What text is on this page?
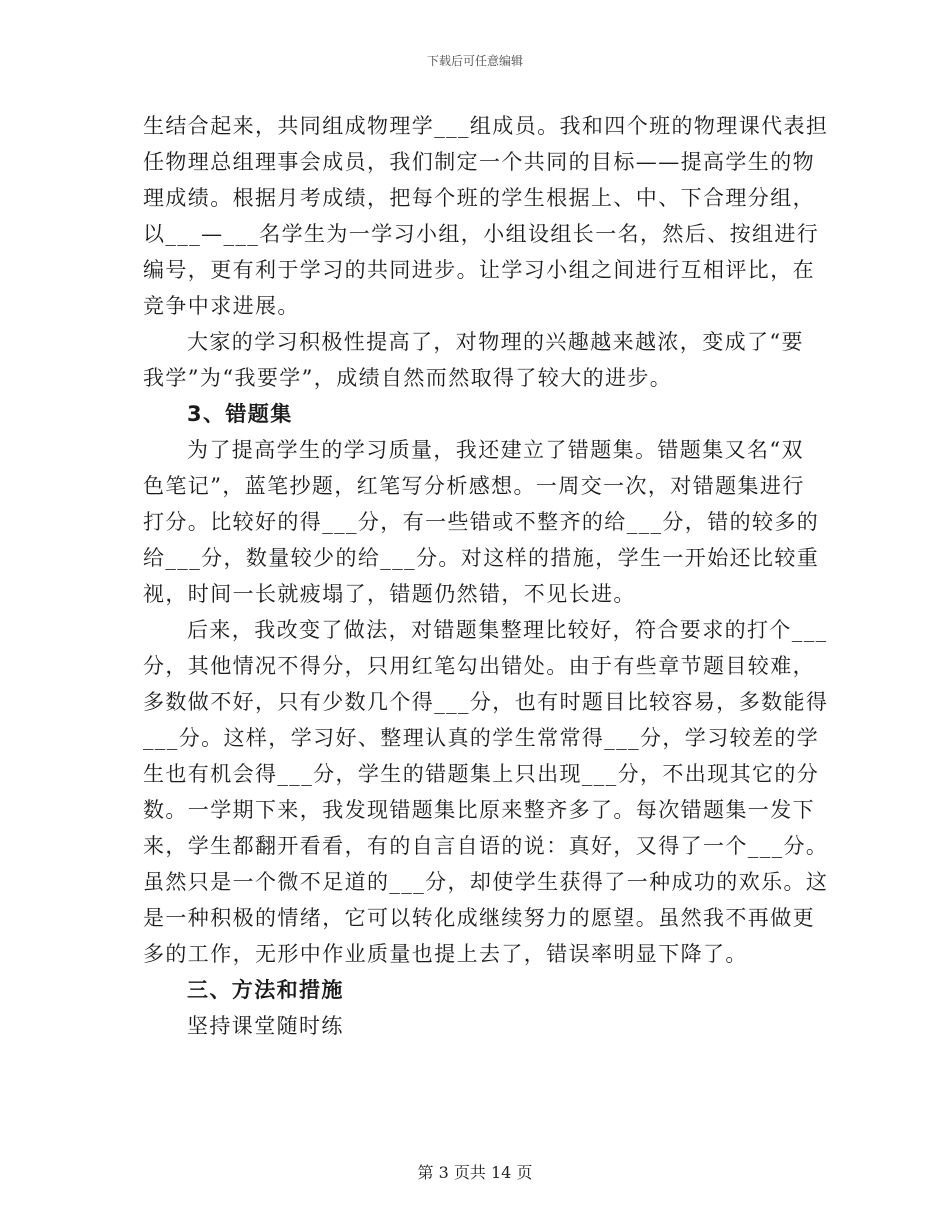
下载后可任意编辑
生结合起来，共同组成物理学___组成员。我和四个班的物理课代表担
任物理总组理事会成员，我们制定一个共同的目标——提高学生的物
理成绩。根据月考成绩，把每个班的学生根据上、中、下合理分组，
以___—___名学生为一学习小组，小组设组长一名，然后、按组进行
编号，更有利于学习的共同进步。让学习小组之间进行互相评比，在
竞争中求进展。
大家的学习积极性提高了，对物理的兴趣越来越浓，变成了“要
我学”为“我要学”，成绩自然而然取得了较大的进步。
3、错题集
为了提高学生的学习质量，我还建立了错题集。错题集又名“双
色笔记”，蓝笔抄题，红笔写分析感想。一周交一次，对错题集进行
打分。比较好的得___分，有一些错或不整齐的给___分，错的较多的
给___分，数量较少的给___分。对这样的措施，学生一开始还比较重
视，时间一长就疲塌了，错题仍然错，不见长进。
后来，我改变了做法，对错题集整理比较好，符合要求的打个___
分，其他情况不得分，只用红笔勾出错处。由于有些章节题目较难，
多数做不好，只有少数几个得___分，也有时题目比较容易，多数能得
___分。这样，学习好、整理认真的学生常常得___分，学习较差的学
生也有机会得___分，学生的错题集上只出现___分，不出现其它的分
数。一学期下来，我发现错题集比原来整齐多了。每次错题集一发下
来，学生都翻开看看，有的自言自语的说：真好，又得了一个___分。
虽然只是一个微不足道的___分，却使学生获得了一种成功的欢乐。这
是一种积极的情绪，它可以转化成继续努力的愿望。虽然我不再做更
多的工作，无形中作业质量也提上去了，错误率明显下降了。
三、方法和措施
坚持课堂随时练
第 3 页共 14 页
